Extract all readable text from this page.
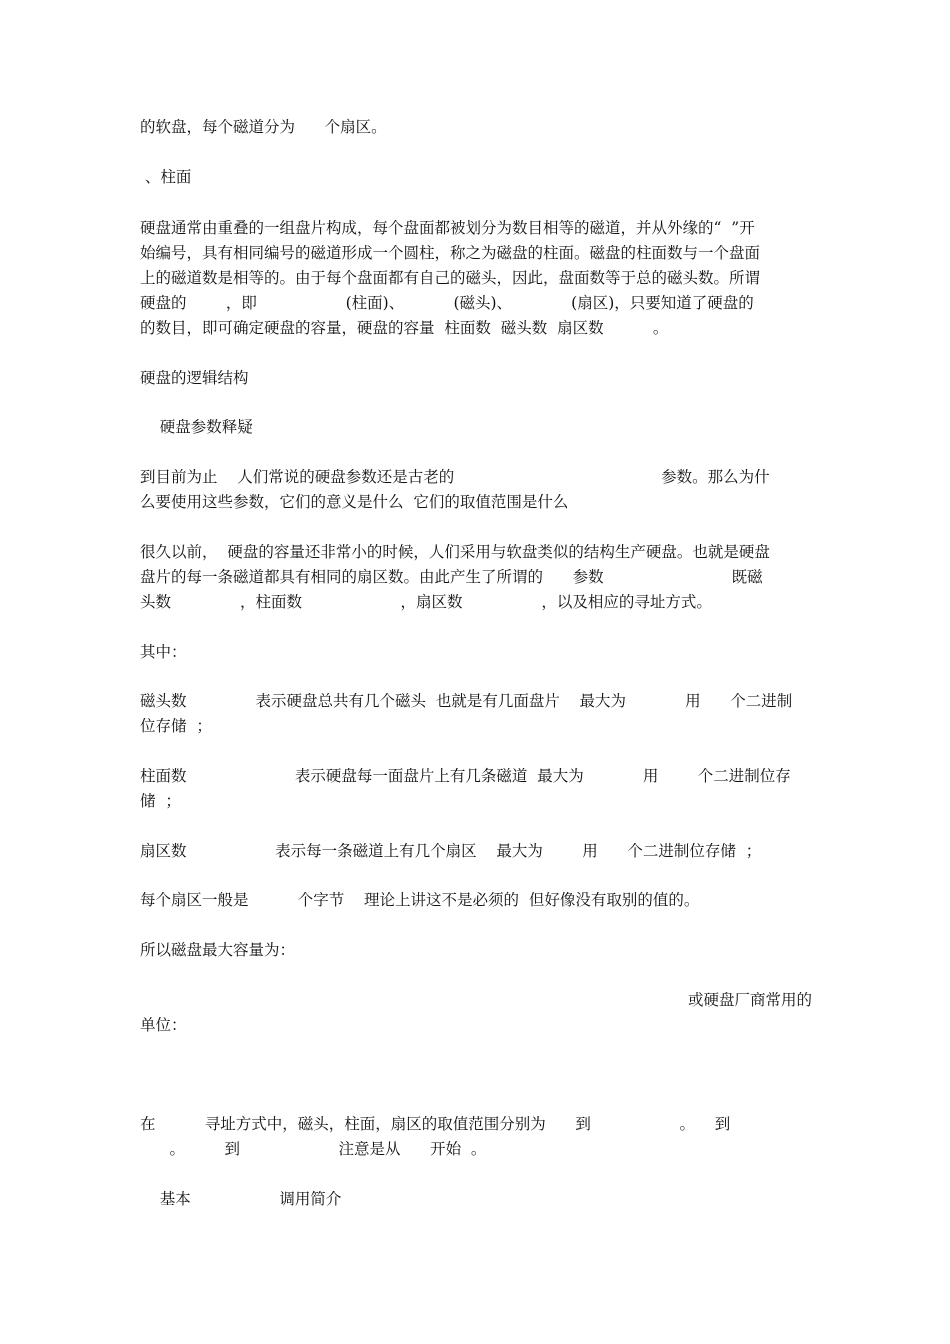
的软盘，每个磁道分为      个扇区。

、柱面

硬盘通常由重叠的一组盘片构成，每个盘面都被划分为数目相等的磁道，并从外缘的“  ”开

始编号，具有相同编号的磁道形成一个圆柱，称之为磁盘的柱面。磁盘的柱面数与一个盘面

上的磁道数是相等的。由于每个盘面都有自己的磁头，因此，盘面数等于总的磁头数。所谓

硬盘的        ，即                  (柱面)、          (磁头)、            (扇区)，只要知道了硬盘的

的数目，即可确定硬盘的容量，硬盘的容量  柱面数  磁头数  扇区数          。

硬盘的逻辑结构

硬盘参数释疑

到目前为止    人们常说的硬盘参数还是古老的                                          参数。那么为什

么要使用这些参数，它们的意义是什么  它们的取值范围是什么

很久以前，  硬盘的容量还非常小的时候，人们采用与软盘类似的结构生产硬盘。也就是硬盘

盘片的每一条磁道都具有相同的扇区数。由此产生了所谓的      参数                          既磁

头数              ，柱面数                    ，扇区数                ，以及相应的寻址方式。

其中：

磁头数              表示硬盘总共有几个磁头  也就是有几面盘片    最大为            用      个二进制

位存储  ；

柱面数                      表示硬盘每一面盘片上有几条磁道  最大为            用        个二进制位存

储  ；

扇区数                  表示每一条磁道上有几个扇区    最大为        用      个二进制位存储  ；

每个扇区一般是          个字节    理论上讲这不是必须的  但好像没有取别的值的。

所以磁盘最大容量为：

或硬盘厂商常用的

单位：

在          寻址方式中，磁头，柱面，扇区的取值范围分别为      到                  。    到

。        到                    注意是从      开始  。

基本                  调用简介
